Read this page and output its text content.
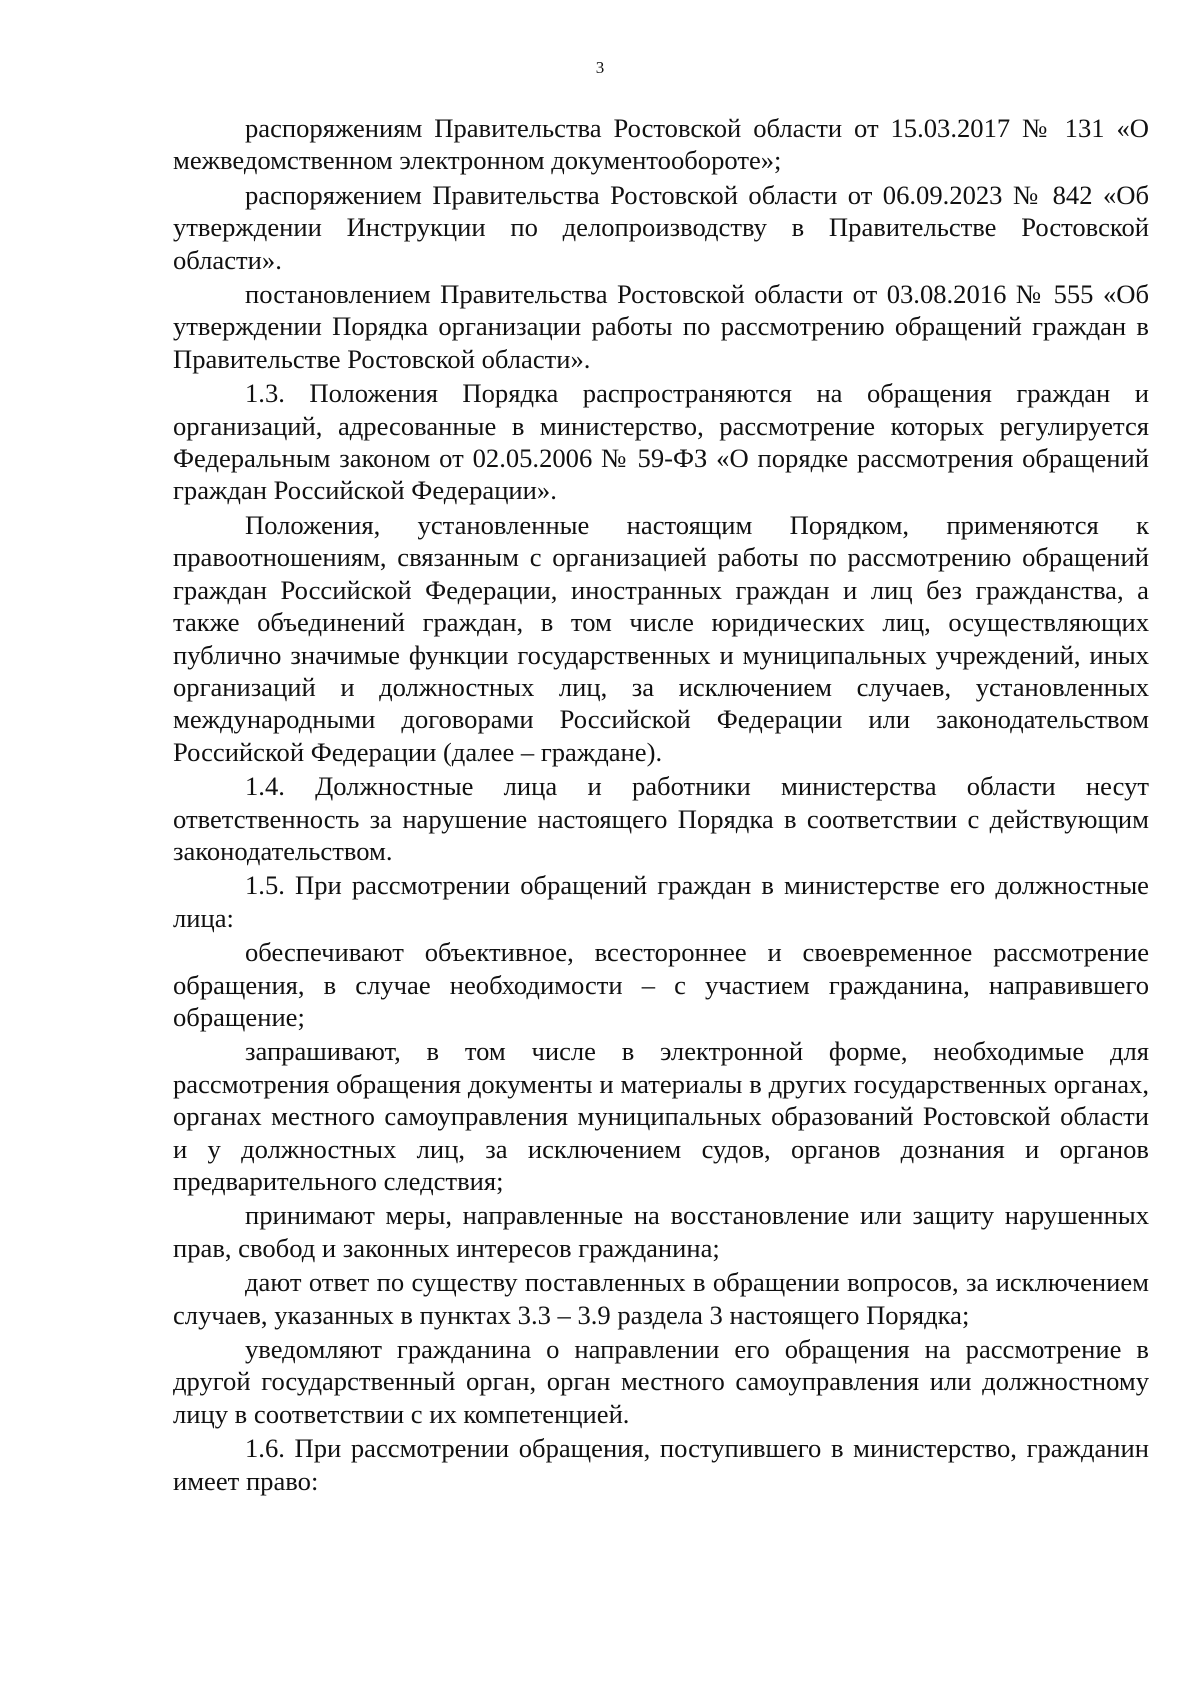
3

распоряжениям Правительства Ростовской области от 15.03.2017 № 131 «О межведомственном электронном документообороте»;

распоряжением Правительства Ростовской области от 06.09.2023 № 842 «Об утверждении Инструкции по делопроизводству в Правительстве Ростовской области».

постановлением Правительства Ростовской области от 03.08.2016 № 555 «Об утверждении Порядка организации работы по рассмотрению обращений граждан в Правительстве Ростовской области».

1.3. Положения Порядка распространяются на обращения граждан и организаций, адресованные в министерство, рассмотрение которых регулируется Федеральным законом от 02.05.2006 № 59-ФЗ «О порядке рассмотрения обращений граждан Российской Федерации».

Положения, установленные настоящим Порядком, применяются к правоотношениям, связанным с организацией работы по рассмотрению обращений граждан Российской Федерации, иностранных граждан и лиц без гражданства, а также объединений граждан, в том числе юридических лиц, осуществляющих публично значимые функции государственных и муниципальных учреждений, иных организаций и должностных лиц, за исключением случаев, установленных международными договорами Российской Федерации или законодательством Российской Федерации (далее – граждане).

1.4. Должностные лица и работники министерства области несут ответственность за нарушение настоящего Порядка в соответствии с действующим законодательством.

1.5. При рассмотрении обращений граждан в министерстве его должностные лица:

обеспечивают объективное, всестороннее и своевременное рассмотрение обращения, в случае необходимости – с участием гражданина, направившего обращение;

запрашивают, в том числе в электронной форме, необходимые для рассмотрения обращения документы и материалы в других государственных органах, органах местного самоуправления муниципальных образований Ростовской области и у должностных лиц, за исключением судов, органов дознания и органов предварительного следствия;

принимают меры, направленные на восстановление или защиту нарушенных прав, свобод и законных интересов гражданина;

дают ответ по существу поставленных в обращении вопросов, за исключением случаев, указанных в пунктах 3.3 – 3.9 раздела 3 настоящего Порядка;

уведомляют гражданина о направлении его обращения на рассмотрение в другой государственный орган, орган местного самоуправления или должностному лицу в соответствии с их компетенцией.

1.6. При рассмотрении обращения, поступившего в министерство, гражданин имеет право:
